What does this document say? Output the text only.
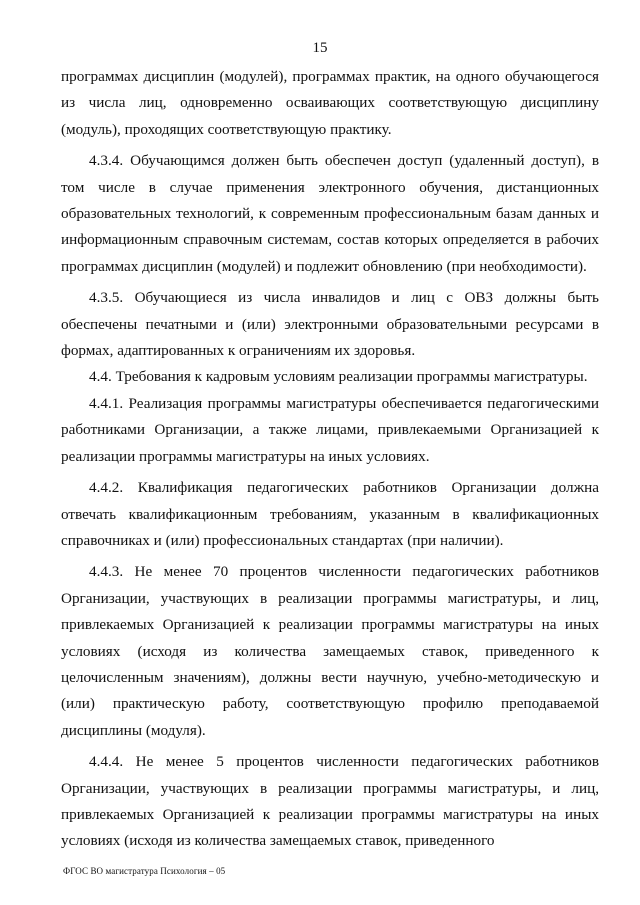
15

программах дисциплин (модулей), программах практик, на одного обучающегося из числа лиц, одновременно осваивающих соответствующую дисциплину (модуль), проходящих соответствующую практику.

4.3.4. Обучающимся должен быть обеспечен доступ (удаленный доступ), в том числе в случае применения электронного обучения, дистанционных образовательных технологий, к современным профессиональным базам данных и информационным справочным системам, состав которых определяется в рабочих программах дисциплин (модулей) и подлежит обновлению (при необходимости).

4.3.5. Обучающиеся из числа инвалидов и лиц с ОВЗ должны быть обеспечены печатными и (или) электронными образовательными ресурсами в формах, адаптированных к ограничениям их здоровья.

4.4. Требования к кадровым условиям реализации программы магистратуры.

4.4.1. Реализация программы магистратуры обеспечивается педагогическими работниками Организации, а также лицами, привлекаемыми Организацией к реализации программы магистратуры на иных условиях.

4.4.2. Квалификация педагогических работников Организации должна отвечать квалификационным требованиям, указанным в квалификационных справочниках и (или) профессиональных стандартах (при наличии).

4.4.3. Не менее 70 процентов численности педагогических работников Организации, участвующих в реализации программы магистратуры, и лиц, привлекаемых Организацией к реализации программы магистратуры на иных условиях (исходя из количества замещаемых ставок, приведенного к целочисленным значениям), должны вести научную, учебно-методическую и (или) практическую работу, соответствующую профилю преподаваемой дисциплины (модуля).

4.4.4. Не менее 5 процентов численности педагогических работников Организации, участвующих в реализации программы магистратуры, и лиц, привлекаемых Организацией к реализации программы магистратуры на иных условиях (исходя из количества замещаемых ставок, приведенного

ФГОС ВО магистратура Психология – 05
